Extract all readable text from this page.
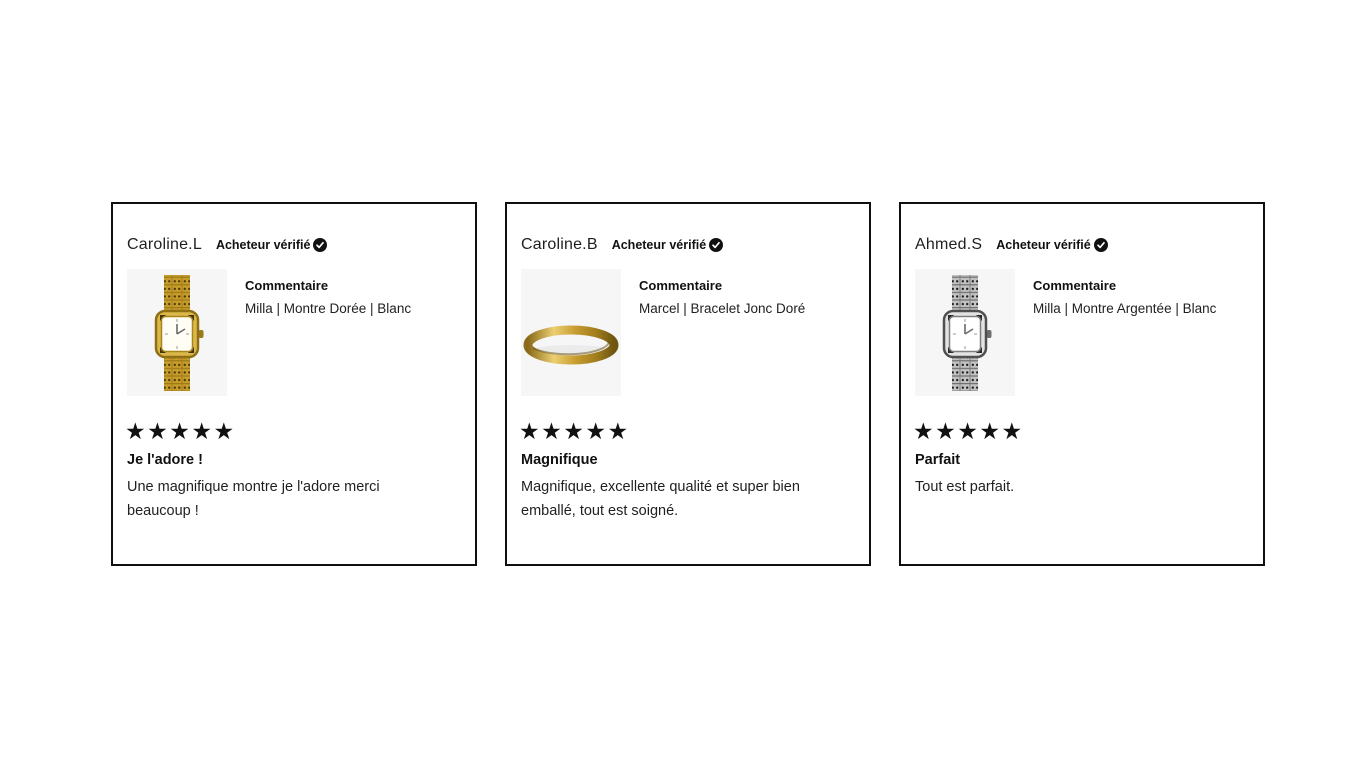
Caroline.L Acheteur vérifié
Commentaire
Milla | Montre Dorée | Blanc
★★★★★
Je l'adore !

Une magnifique montre je l'adore merci beaucoup !

Caroline.B Acheteur vérifié
Commentaire
Marcel | Bracelet Jonc Doré
★★★★★
Magnifique

Magnifique, excellente qualité et super bien emballé, tout est soigné.

Ahmed.S Acheteur vérifié
Commentaire
Milla | Montre Argentée | Blanc
★★★★★
Parfait

Tout est parfait.
